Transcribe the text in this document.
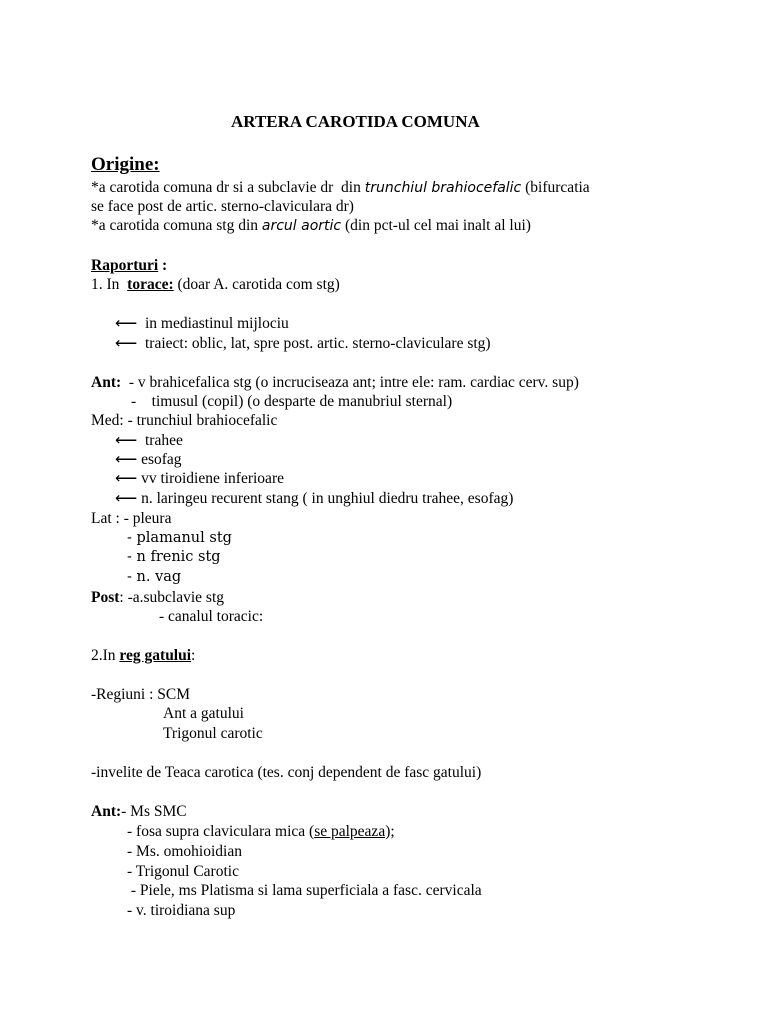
ARTERA CAROTIDA COMUNA
Origine:
*a carotida comuna dr si a subclavie dr  din trunchiul brahiocefalic (bifurcatia
se face post de artic. sterno-claviculara dr)
*a carotida comuna stg din arcul aortic (din pct-ul cel mai inalt al lui)
Raporturi :
1. In  torace: (doar A. carotida com stg)
⟵  in mediastinul mijlociu
⟵  traiect: oblic, lat, spre post. artic. sterno-claviculare stg)
Ant:  - v brahicefalica stg (o incruciseaza ant; intre ele: ram. cardiac cerv. sup)
-    timusul (copil) (o desparte de manubriul sternal)
Med: - trunchiul brahiocefalic
⟵  trahee
⟵ esofag
⟵ vv tiroidiene inferioare
⟵ n. laringeu recurent stang ( in unghiul diedru trahee, esofag)
Lat : - pleura
- plamanul stg
- n frenic stg
- n. vag
Post: -a.subclavie stg
- canalul toracic:
2.In reg gatului:
-Regiuni : SCM
Ant a gatului
Trigonul carotic
-invelite de Teaca carotica (tes. conj dependent de fasc gatului)
Ant:- Ms SMC
- fosa supra claviculara mica (se palpeaza);
- Ms. omohioidian
- Trigonul Carotic
- Piele, ms Platisma si lama superficiala a fasc. cervicala
- v. tiroidiana sup
